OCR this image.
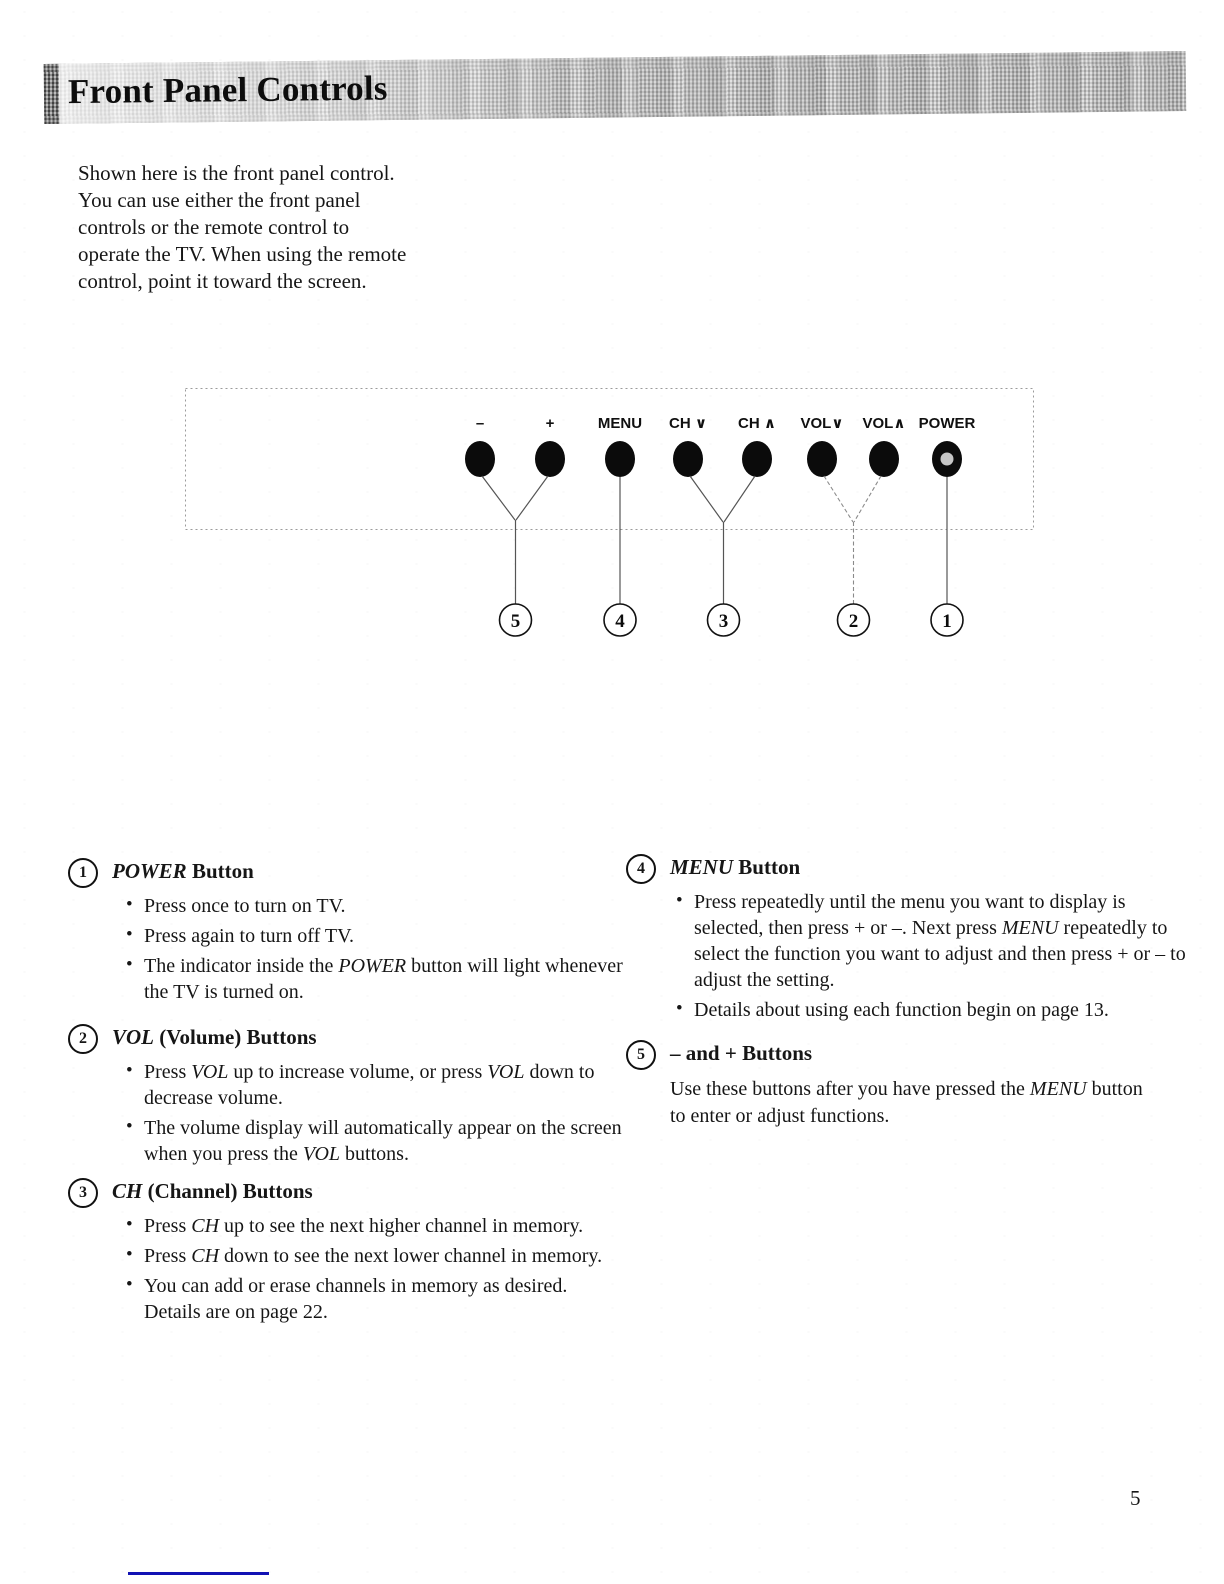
Front Panel Controls

Shown here is the front panel control. You can use either the front panel controls or the remote control to operate the TV. When using the remote control, point it toward the screen.

–	+	MENU CH ∨ CH ∧ VOL∨ VOL∧ POWER
5	4	3	2	1
1 POWER Button
• Press once to turn on TV.
• Press again to turn off TV.
• The indicator inside the POWER button will light whenever the TV is turned on.
2 VOL (Volume) Buttons
• Press VOL up to increase volume, or press VOL down to decrease volume.
• The volume display will automatically appear on the screen when you press the VOL buttons.
3 CH (Channel) Buttons
• Press CH up to see the next higher channel in memory.
• Press CH down to see the next lower channel in memory.
• You can add or erase channels in memory as desired. Details are on page 22.
4 MENU Button
• Press repeatedly until the menu you want to display is selected, then press + or –. Next press MENU repeatedly to select the function you want to adjust and then press + or – to adjust the setting.
• Details about using each function begin on page 13.
5 – and + Buttons

Use these buttons after you have pressed the MENU button to enter or adjust functions.

5
